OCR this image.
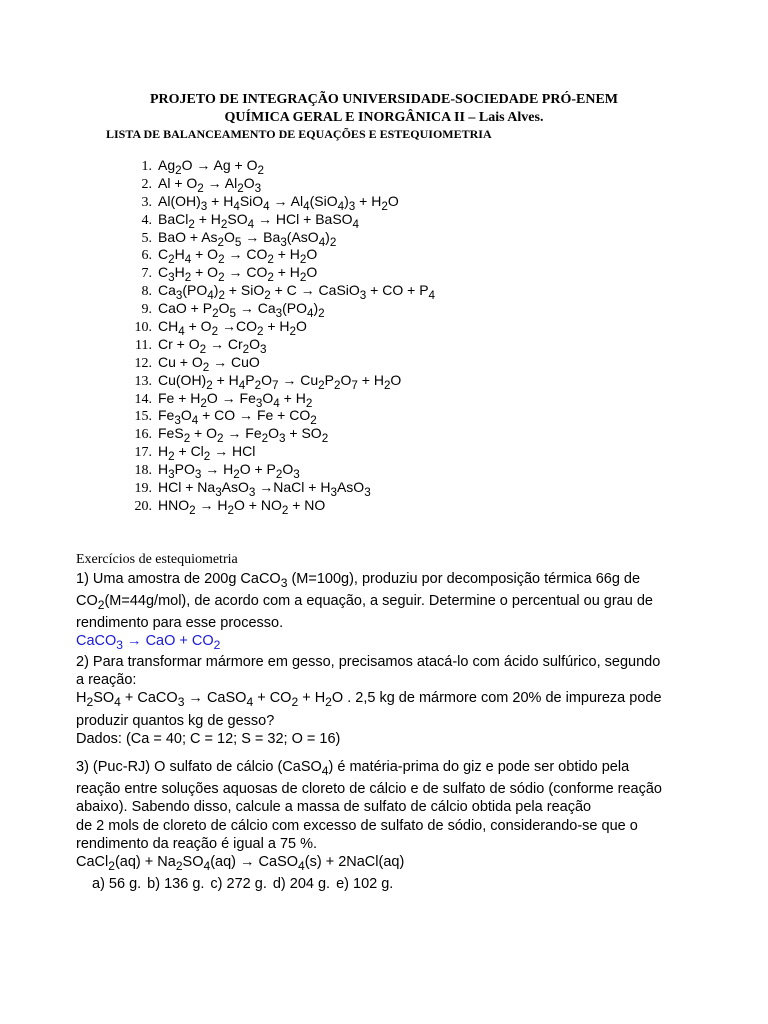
PROJETO DE INTEGRAÇÃO UNIVERSIDADE-SOCIEDADE PRÓ-ENEM
QUÍMICA GERAL E INORGÂNICA II – Lais Alves.
LISTA DE BALANCEAMENTO DE EQUAÇÕES E ESTEQUIOMETRIA
1. $Ag_2O \to Ag + O_2$
2. $Al + O_2 \to Al_2O_3$
3. $Al(OH)_3 + H_4SiO_4 \to Al_4(SiO_4)_3 + H_2O$
4. BaCl$_2$ + $H_2SO_4$ → HCl + BaSO$_4$
5. BaO + $As_2O_5 \to Ba_3(AsO_4)_2$
6. $C_2H_4 + O_2 \to CO_2 + H_2O$
7. $C_3H_2 + O_2 \to CO_2 + H_2O$
8. $Ca_3(PO_4)_2 + SiO_2 + C$ → CaSiO$_3$ + CO + $P_4$
9. CaO + $P_2O_5 \to Ca_3(PO_4)_2$
10. $CH_4 + O_2 \to CO_2 + H_2O$
11. $Cr + O_2 \to Cr_2O_3$
12. $Cu + O_2$ → CuO
13. $Cu(OH)_2 + H_4P_2O_7 \to Cu_2P_2O_7 + H_2O$
14. $Fe + H_2O \to Fe_3O_4 + H_2$
15. $Fe_3O_4$ + CO → $Fe + CO_2$
16. $FeS_2 + O_2 \to Fe_2O_3 + SO_2$
17. $H_2 + Cl_2$ → HCl
18. $H_3PO_3 \to H_2O + P_2O_3$
19. HCl + $Na_3AsO_3$ →NaCl + $H_3AsO_3$
20. $HNO_2 \to H_2O + NO_2$ + NO
Exercícios de estequiometria

1) Uma amostra de 200g CaCO$_3$ (M=100g), produziu por decomposição térmica 66g de

$CO_2(M=44g/mol)$, de acordo com a equação, a seguir. Determine o percentual ou grau de

rendimento para esse processo.

CaCO$_3$ → CaO + $CO_2$

2) Para transformar mármore em gesso, precisamos atacá-lo com ácido sulfúrico, segundo

a reação:

$H_2SO_4$ + CaCO$_3$ → CaSO$_4$ + $CO_2 + H_2O$ . 2,5 kg de mármore com 20% de impureza pode

produzir quantos kg de gesso?

Dados: (Ca = 40; C = 12; S = 32; O = 16)

3) (Puc-RJ) O sulfato de cálcio (CaSO$_4$) é matéria-prima do giz e pode ser obtido pela

reação entre soluções aquosas de cloreto de cálcio e de sulfato de sódio (conforme reação

abaixo). Sabendo disso, calcule a massa de sulfato de cálcio obtida pela reação

de 2 mols de cloreto de cálcio com excesso de sulfato de sódio, considerando-se que o

rendimento da reação é igual a 75 %.

CaCl$_2$(aq) + $Na_2SO_4(aq)$ → CaSO$_4$(s) + 2NaCl(aq)

a) 56 g. b) 136 g. c) 272 g. d) 204 g. e) 102 g.
